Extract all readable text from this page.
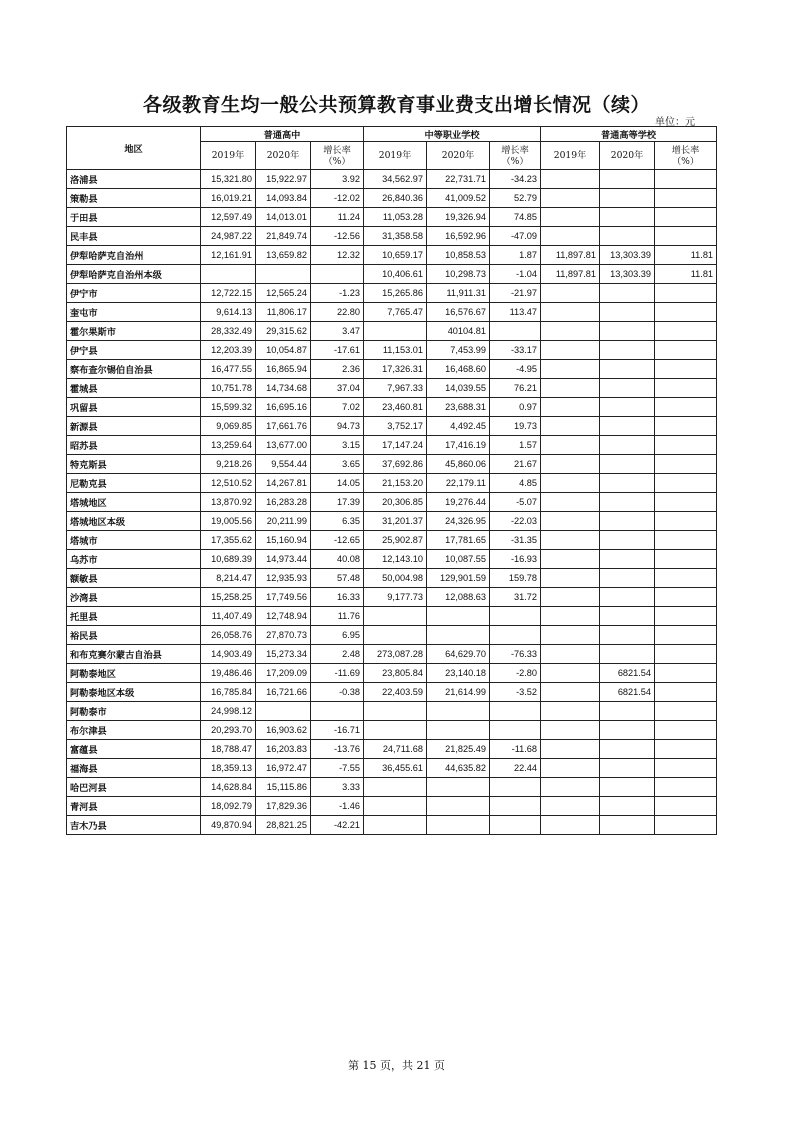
各级教育生均一般公共预算教育事业费支出增长情况（续）
单位：元
地区	普通高中			中等职业学校			普通高等学校		
	2019年	2020年	增长率（%）	2019年	2020年	增长率（%）	2019年	2020年	增长率（%）

洛浦县	15,321.80	15,922.97	3.92	34,562.97	22,731.71	-34.23			
策勒县	16,019.21	14,093.84	-12.02	26,840.36	41,009.52	52.79			
于田县	12,597.49	14,013.01	11.24	11,053.28	19,326.94	74.85			
民丰县	24,987.22	21,849.74	-12.56	31,358.58	16,592.96	-47.09			
伊犁哈萨克自治州	12,161.91	13,659.82	12.32	10,659.17	10,858.53	1.87	11,897.81	13,303.39	11.81
伊犁哈萨克自治州本级				10,406.61	10,298.73	-1.04	11,897.81	13,303.39	11.81
伊宁市	12,722.15	12,565.24	-1.23	15,265.86	11,911.31	-21.97			
奎屯市	9,614.13	11,806.17	22.80	7,765.47	16,576.67	113.47			
霍尔果斯市	28,332.49	29,315.62	3.47		40104.81				
伊宁县	12,203.39	10,054.87	-17.61	11,153.01	7,453.99	-33.17			
察布查尔锡伯自治县	16,477.55	16,865.94	2.36	17,326.31	16,468.60	-4.95			
霍城县	10,751.78	14,734.68	37.04	7,967.33	14,039.55	76.21			
巩留县	15,599.32	16,695.16	7.02	23,460.81	23,688.31	0.97			
新源县	9,069.85	17,661.76	94.73	3,752.17	4,492.45	19.73			
昭苏县	13,259.64	13,677.00	3.15	17,147.24	17,416.19	1.57			
特克斯县	9,218.26	9,554.44	3.65	37,692.86	45,860.06	21.67			
尼勒克县	12,510.52	14,267.81	14.05	21,153.20	22,179.11	4.85			
塔城地区	13,870.92	16,283.28	17.39	20,306.85	19,276.44	-5.07			
塔城地区本级	19,005.56	20,211.99	6.35	31,201.37	24,326.95	-22.03			
塔城市	17,355.62	15,160.94	-12.65	25,902.87	17,781.65	-31.35			
乌苏市	10,689.39	14,973.44	40.08	12,143.10	10,087.55	-16.93			
额敏县	8,214.47	12,935.93	57.48	50,004.98	129,901.59	159.78			
沙湾县	15,258.25	17,749.56	16.33	9,177.73	12,088.63	31.72			
托里县	11,407.49	12,748.94	11.76						
裕民县	26,058.76	27,870.73	6.95						
和布克赛尔蒙古自治县	14,903.49	15,273.34	2.48	273,087.28	64,629.70	-76.33			
阿勒泰地区	19,486.46	17,209.09	-11.69	23,805.84	23,140.18	-2.80		6821.54	
阿勒泰地区本级	16,785.84	16,721.66	-0.38	22,403.59	21,614.99	-3.52		6821.54	
阿勒泰市	24,998.12								
布尔津县	20,293.70	16,903.62	-16.71						
富蕴县	18,788.47	16,203.83	-13.76	24,711.68	21,825.49	-11.68			
福海县	18,359.13	16,972.47	-7.55	36,455.61	44,635.82	22.44			
哈巴河县	14,628.84	15,115.86	3.33						
青河县	18,092.79	17,829.36	-1.46						
吉木乃县	49,870.94	28,821.25	-42.21						
第 15 页，共 21 页
